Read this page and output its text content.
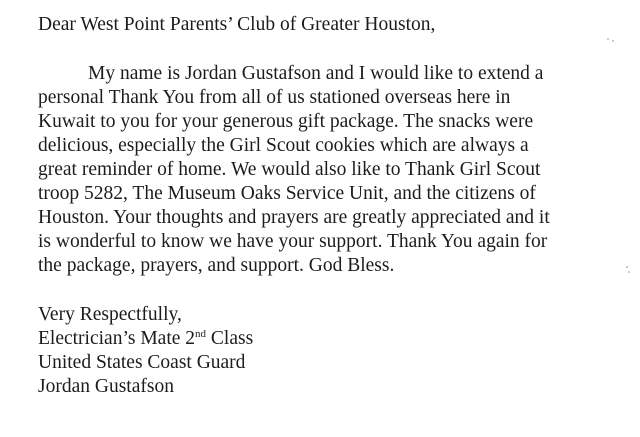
Dear West Point Parents’ Club of Greater Houston,
My name is Jordan Gustafson and I would like to extend a
personal Thank You from all of us stationed overseas here in
Kuwait to you for your generous gift package. The snacks were
delicious, especially the Girl Scout cookies which are always a
great reminder of home. We would also like to Thank Girl Scout
troop 5282, The Museum Oaks Service Unit, and the citizens of
Houston. Your thoughts and prayers are greatly appreciated and it
is wonderful to know we have your support. Thank You again for
the package, prayers, and support. God Bless.
Very Respectfully,
Electrician’s Mate 2nd Class
United States Coast Guard
Jordan Gustafson
